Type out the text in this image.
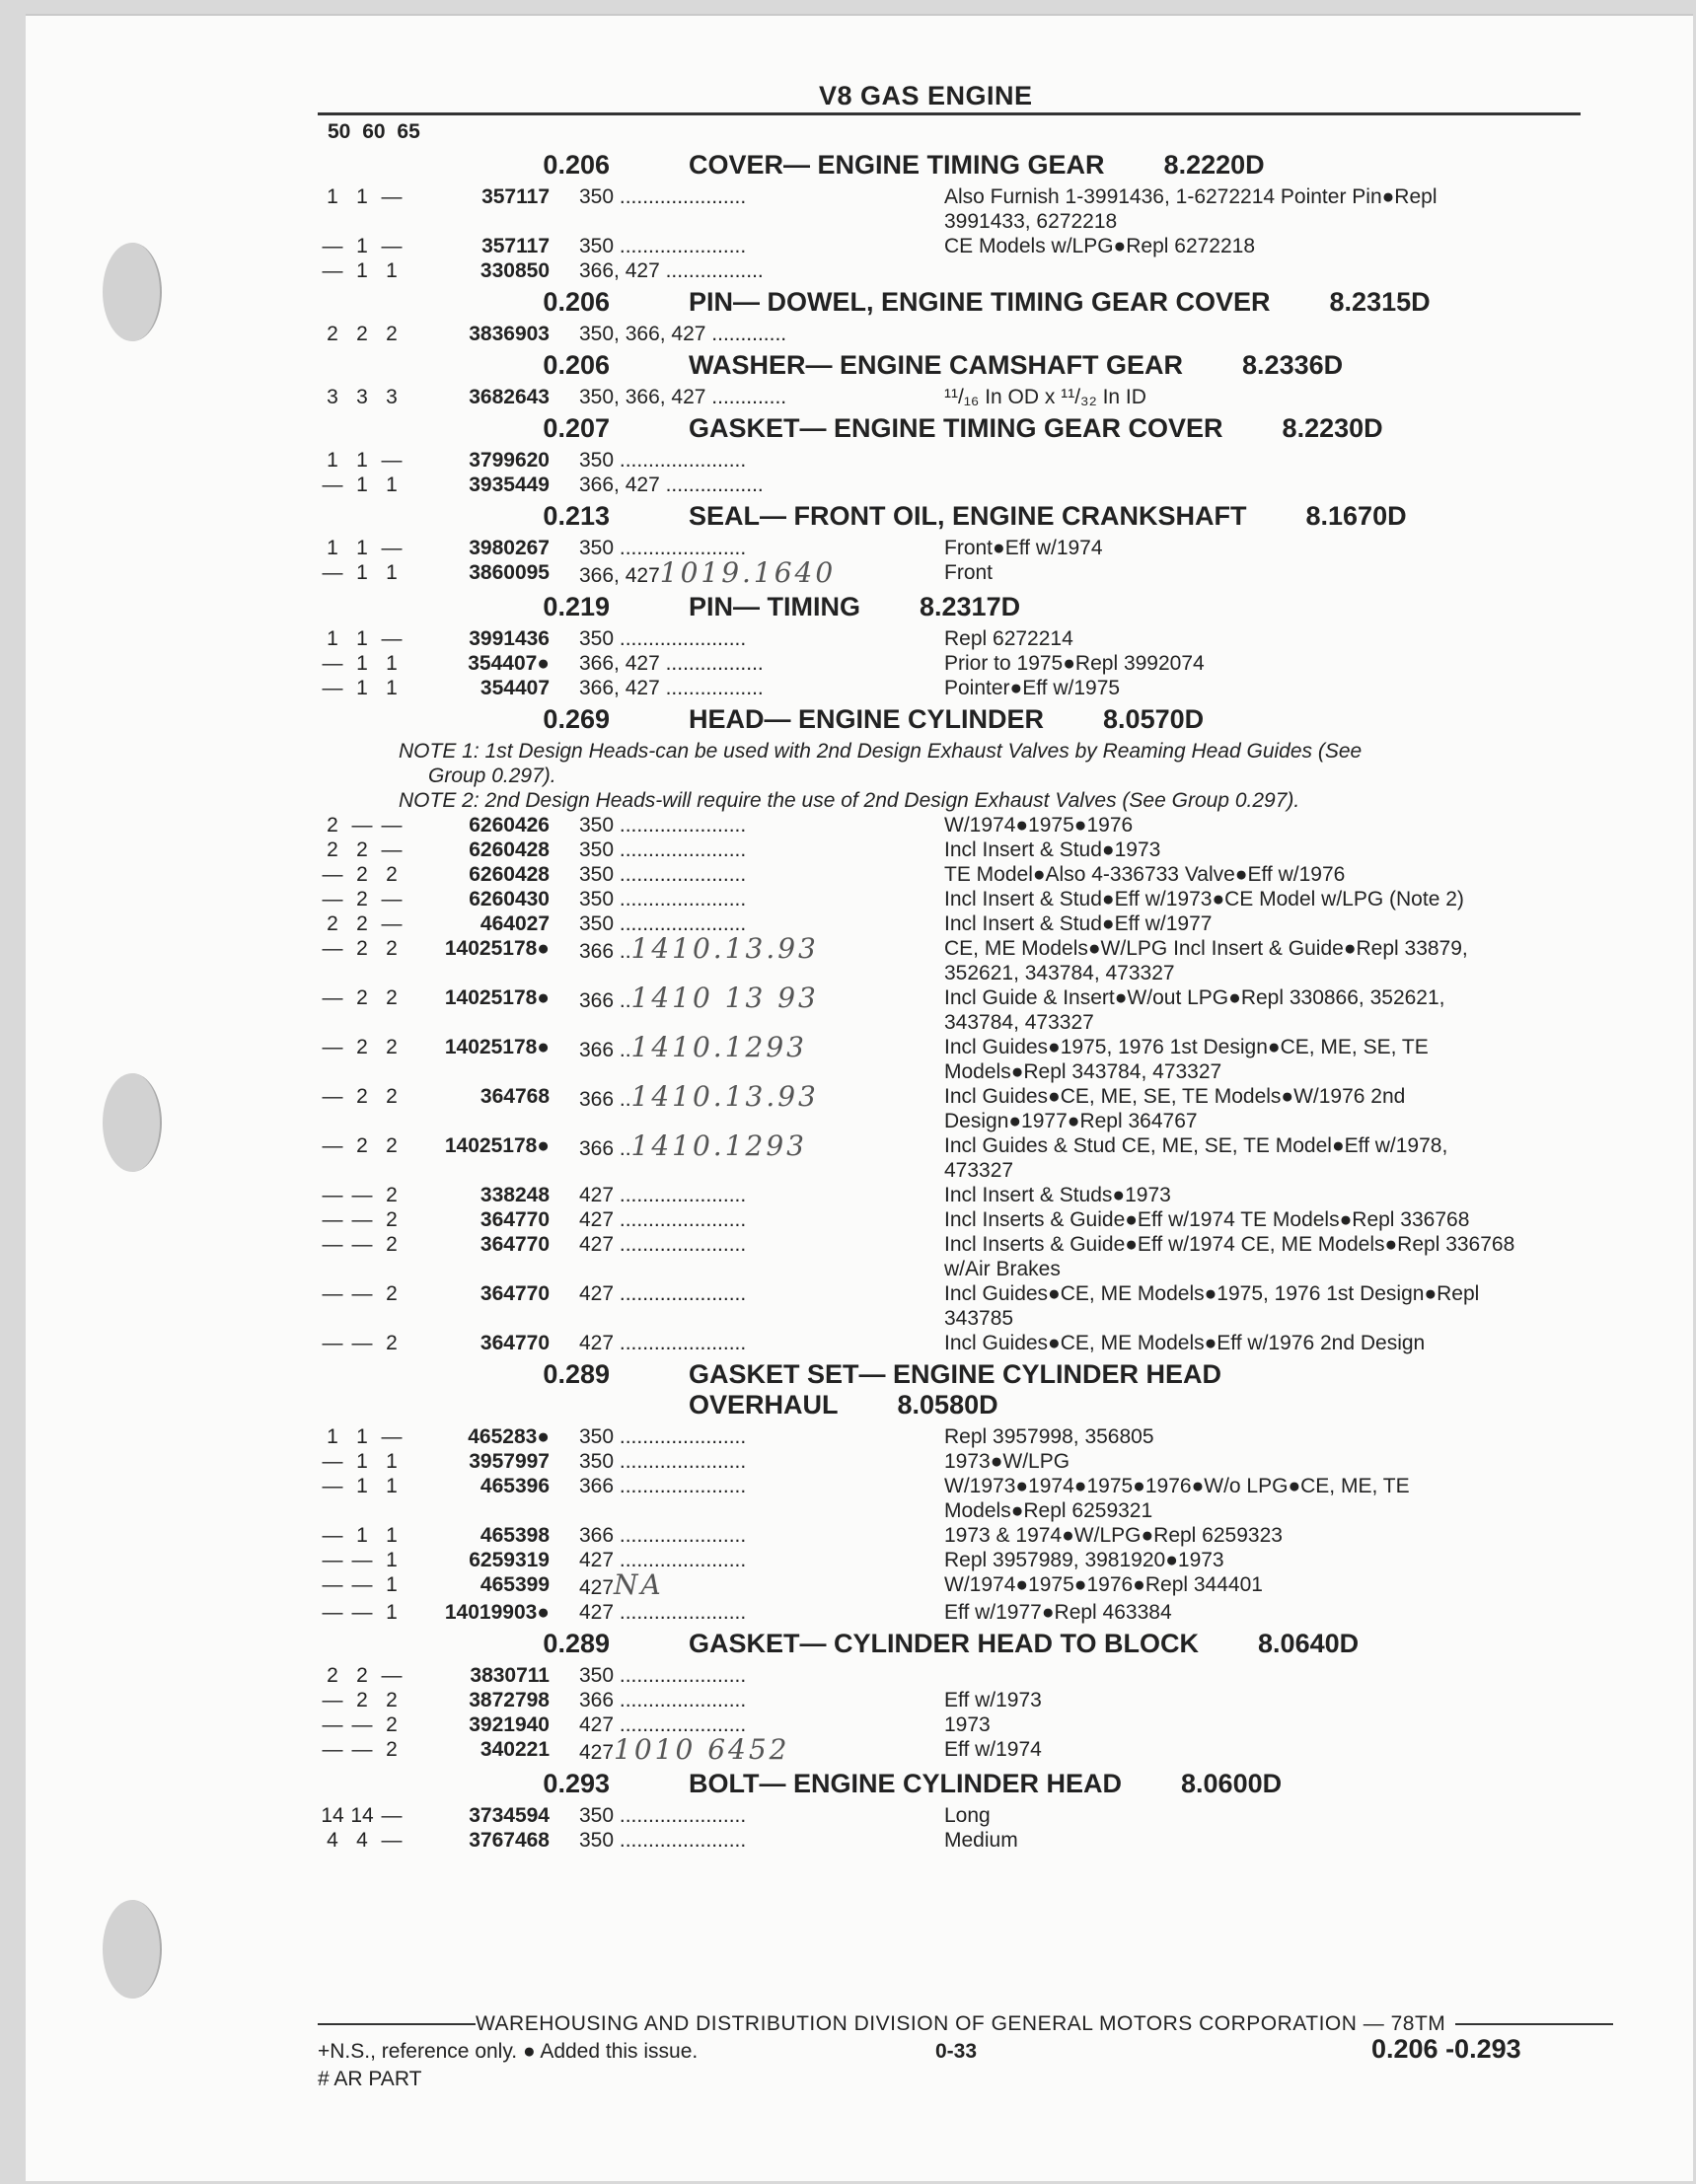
V8 GAS ENGINE
50 60 65
0.206	COVER— ENGINE TIMING GEAR 8.2220D
1 1 —	357117	350 ......................	Also Furnish 1-3991436, 1-6272214 Pointer Pin●Repl 3991433, 6272218
— 1 —	357117	350 ......................	CE Models w/LPG●Repl 6272218
— 1 1	330850	366, 427 .................
0.206	PIN— DOWEL, ENGINE TIMING GEAR COVER 8.2315D
2 2 2	3836903	350, 366, 427 .............
0.206	WASHER— ENGINE CAMSHAFT GEAR 8.2336D
3 3 3	3682643	350, 366, 427 .............	¹¹/₁₆ In OD x ¹¹/₃₂ In ID
0.207	GASKET— ENGINE TIMING GEAR COVER 8.2230D
1 1 —	3799620	350 ......................
— 1 1	3935449	366, 427 .................
0.213	SEAL— FRONT OIL, ENGINE CRANKSHAFT 8.1670D
1 1 —	3980267	350 ......................	Front●Eff w/1974
— 1 1	3860095	366, 4271019.1640	Front
0.219	PIN— TIMING 8.2317D
1 1 —	3991436	350 ......................	Repl 6272214
— 1 1	354407●	366, 427 .................	Prior to 1975●Repl 3992074
— 1 1	354407	366, 427 .................	Pointer●Eff w/1975
0.269	HEAD— ENGINE CYLINDER 8.0570D
NOTE 1: 1st Design Heads-can be used with 2nd Design Exhaust Valves by Reaming Head Guides (See
Group 0.297).
NOTE 2: 2nd Design Heads-will require the use of 2nd Design Exhaust Valves (See Group 0.297).
2 — —	6260426	350 ......................	W/1974●1975●1976
2 2 —	6260428	350 ......................	Incl Insert & Stud●1973
— 2 2	6260428	350 ......................	TE Model●Also 4-336733 Valve●Eff w/1976
— 2 —	6260430	350 ......................	Incl Insert & Stud●Eff w/1973●CE Model w/LPG (Note 2)
2 2 —	464027	350 ......................	Incl Insert & Stud●Eff w/1977
— 2 2	14025178●	366 ..1410.13.93	CE, ME Models●W/LPG Incl Insert & Guide●Repl 33879, 352621, 343784, 473327
— 2 2	14025178●	366 ..1410 13 93	Incl Guide & Insert●W/out LPG●Repl 330866, 352621, 343784, 473327
— 2 2	14025178●	366 ..1410.1293	Incl Guides●1975, 1976 1st Design●CE, ME, SE, TE Models●Repl 343784, 473327
— 2 2	364768	366 ..1410.13.93	Incl Guides●CE, ME, SE, TE Models●W/1976 2nd Design●1977●Repl 364767
— 2 2	14025178●	366 ..1410.1293	Incl Guides & Stud CE, ME, SE, TE Model●Eff w/1978, 473327
— — 2	338248	427 ......................	Incl Insert & Studs●1973
— — 2	364770	427 ......................	Incl Inserts & Guide●Eff w/1974 TE Models●Repl 336768
— — 2	364770	427 ......................	Incl Inserts & Guide●Eff w/1974 CE, ME Models●Repl 336768 w/Air Brakes
— — 2	364770	427 ......................	Incl Guides●CE, ME Models●1975, 1976 1st Design●Repl 343785
— — 2	364770	427 ......................	Incl Guides●CE, ME Models●Eff w/1976 2nd Design
0.289	GASKET SET— ENGINE CYLINDER HEAD
OVERHAUL 8.0580D
1 1 —	465283●	350 ......................	Repl 3957998, 356805
— 1 1	3957997	350 ......................	1973●W/LPG
— 1 1	465396	366 ......................	W/1973●1974●1975●1976●W/o LPG●CE, ME, TE Models●Repl 6259321
— 1 1	465398	366 ......................	1973 & 1974●W/LPG●Repl 6259323
— — 1	6259319	427 ......................	Repl 3957989, 3981920●1973
— — 1	465399	427NA	W/1974●1975●1976●Repl 344401
— — 1	14019903●	427 ......................	Eff w/1977●Repl 463384
0.289	GASKET— CYLINDER HEAD TO BLOCK 8.0640D
2 2 —	3830711	350 ......................
— 2 2	3872798	366 ......................	Eff w/1973
— — 2	3921940	427 ......................	1973
— — 2	340221	4271010 6452	Eff w/1974
0.293	BOLT— ENGINE CYLINDER HEAD 8.0600D
14 14 —	3734594	350 ......................	Long
4 4 —	3767468	350 ......................	Medium
WAREHOUSING AND DISTRIBUTION DIVISION OF GENERAL MOTORS CORPORATION — 78TM
+N.S., reference only. ● Added this issue.	0-33	0.206 -0.293
# AR PART
